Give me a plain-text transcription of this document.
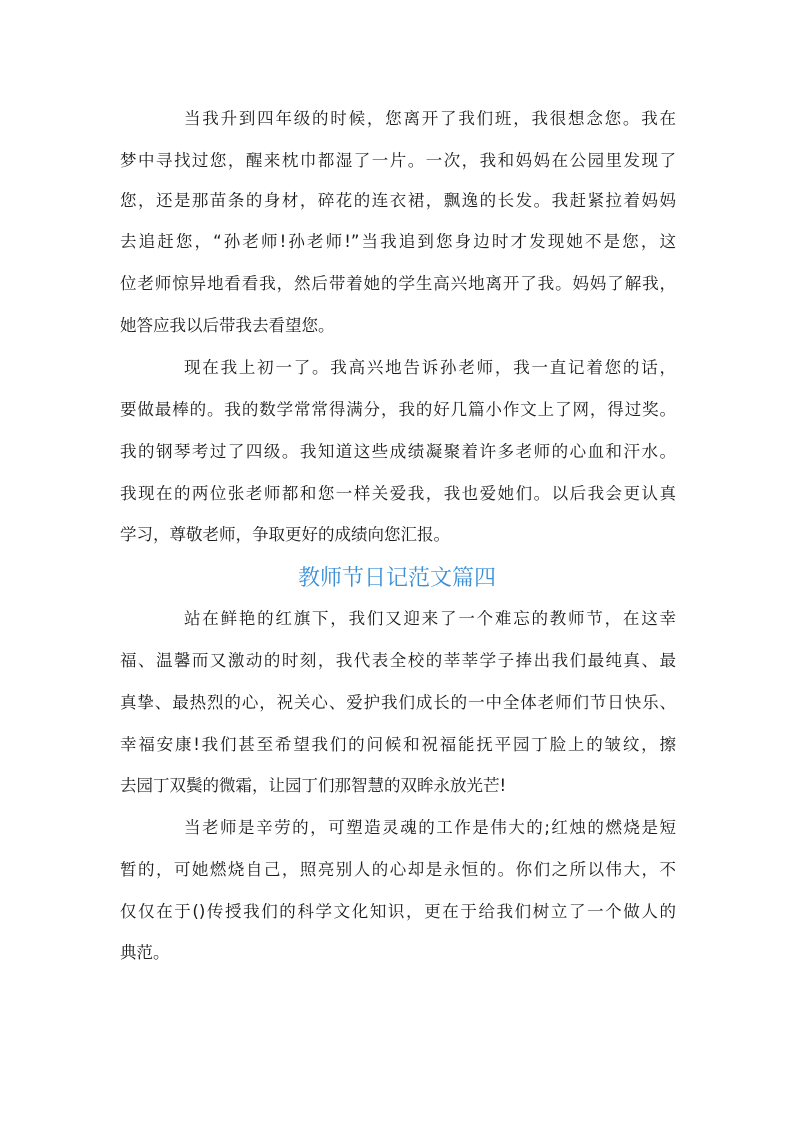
当我升到四年级的时候，您离开了我们班，我很想念您。我在
梦中寻找过您，醒来枕巾都湿了一片。一次，我和妈妈在公园里发现了
您，还是那苗条的身材，碎花的连衣裙，飘逸的长发。我赶紧拉着妈妈
去追赶您，“孙老师!孙老师!”当我追到您身边时才发现她不是您，这
位老师惊异地看看我，然后带着她的学生高兴地离开了我。妈妈了解我，
她答应我以后带我去看望您。
现在我上初一了。我高兴地告诉孙老师，我一直记着您的话，
要做最棒的。我的数学常常得满分，我的好几篇小作文上了网，得过奖。
我的钢琴考过了四级。我知道这些成绩凝聚着许多老师的心血和汗水。
我现在的两位张老师都和您一样关爱我，我也爱她们。以后我会更认真
学习，尊敬老师，争取更好的成绩向您汇报。
教师节日记范文篇四
站在鲜艳的红旗下，我们又迎来了一个难忘的教师节，在这幸
福、温馨而又激动的时刻，我代表全校的莘莘学子捧出我们最纯真、最
真挚、最热烈的心，祝关心、爱护我们成长的一中全体老师们节日快乐、
幸福安康!我们甚至希望我们的问候和祝福能抚平园丁脸上的皱纹，擦
去园丁双鬓的微霜，让园丁们那智慧的双眸永放光芒!
当老师是辛劳的，可塑造灵魂的工作是伟大的;红烛的燃烧是短
暂的，可她燃烧自己，照亮别人的心却是永恒的。你们之所以伟大，不
仅仅在于()传授我们的科学文化知识，更在于给我们树立了一个做人的
典范。
